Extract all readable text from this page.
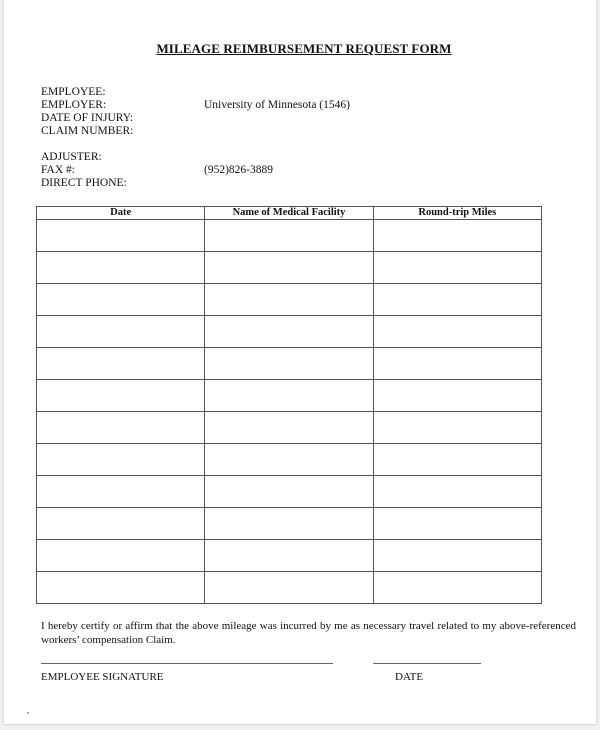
MILEAGE REIMBURSEMENT REQUEST FORM
EMPLOYEE:
EMPLOYER:	University of Minnesota (1546)
DATE OF INJURY:
CLAIM NUMBER:
ADJUSTER:
FAX #:	(952)826-3889
DIRECT PHONE:
Date	Name of Medical Facility	Round-trip Miles

I hereby certify or affirm that the above mileage was incurred by me as necessary travel related to my above-referenced workers’ compensation Claim.
EMPLOYEE SIGNATURE	DATE
